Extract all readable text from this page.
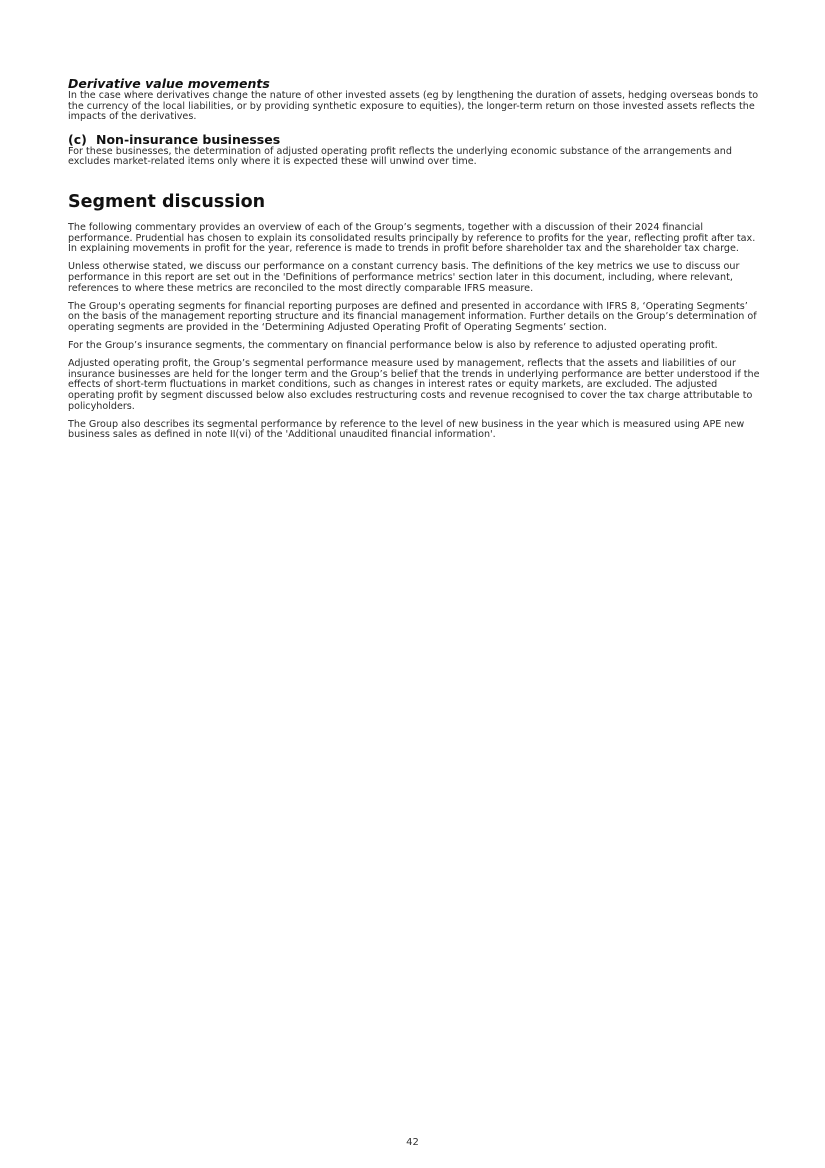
Derivative value movements

In the case where derivatives change the nature of other invested assets (eg by lengthening the duration of assets, hedging overseas bonds to the currency of the local liabilities, or by providing synthetic exposure to equities), the longer-term return on those invested assets reflects the impacts of the derivatives.

(c) Non-insurance businesses

For these businesses, the determination of adjusted operating profit reflects the underlying economic substance of the arrangements and excludes market-related items only where it is expected these will unwind over time.

Segment discussion

The following commentary provides an overview of each of the Group’s segments, together with a discussion of their 2024 financial performance. Prudential has chosen to explain its consolidated results principally by reference to profits for the year, reflecting profit after tax. In explaining movements in profit for the year, reference is made to trends in profit before shareholder tax and the shareholder tax charge.

Unless otherwise stated, we discuss our performance on a constant currency basis. The definitions of the key metrics we use to discuss our performance in this report are set out in the 'Definitions of performance metrics' section later in this document, including, where relevant, references to where these metrics are reconciled to the most directly comparable IFRS measure.

The Group's operating segments for financial reporting purposes are defined and presented in accordance with IFRS 8, ‘Operating Segments’ on the basis of the management reporting structure and its financial management information. Further details on the Group’s determination of operating segments are provided in the ‘Determining Adjusted Operating Profit of Operating Segments’ section.

For the Group’s insurance segments, the commentary on financial performance below is also by reference to adjusted operating profit.

Adjusted operating profit, the Group’s segmental performance measure used by management, reflects that the assets and liabilities of our insurance businesses are held for the longer term and the Group’s belief that the trends in underlying performance are better understood if the effects of short-term fluctuations in market conditions, such as changes in interest rates or equity markets, are excluded. The adjusted operating profit by segment discussed below also excludes restructuring costs and revenue recognised to cover the tax charge attributable to policyholders.

The Group also describes its segmental performance by reference to the level of new business in the year which is measured using APE new business sales as defined in note II(vi) of the 'Additional unaudited financial information'.

42
